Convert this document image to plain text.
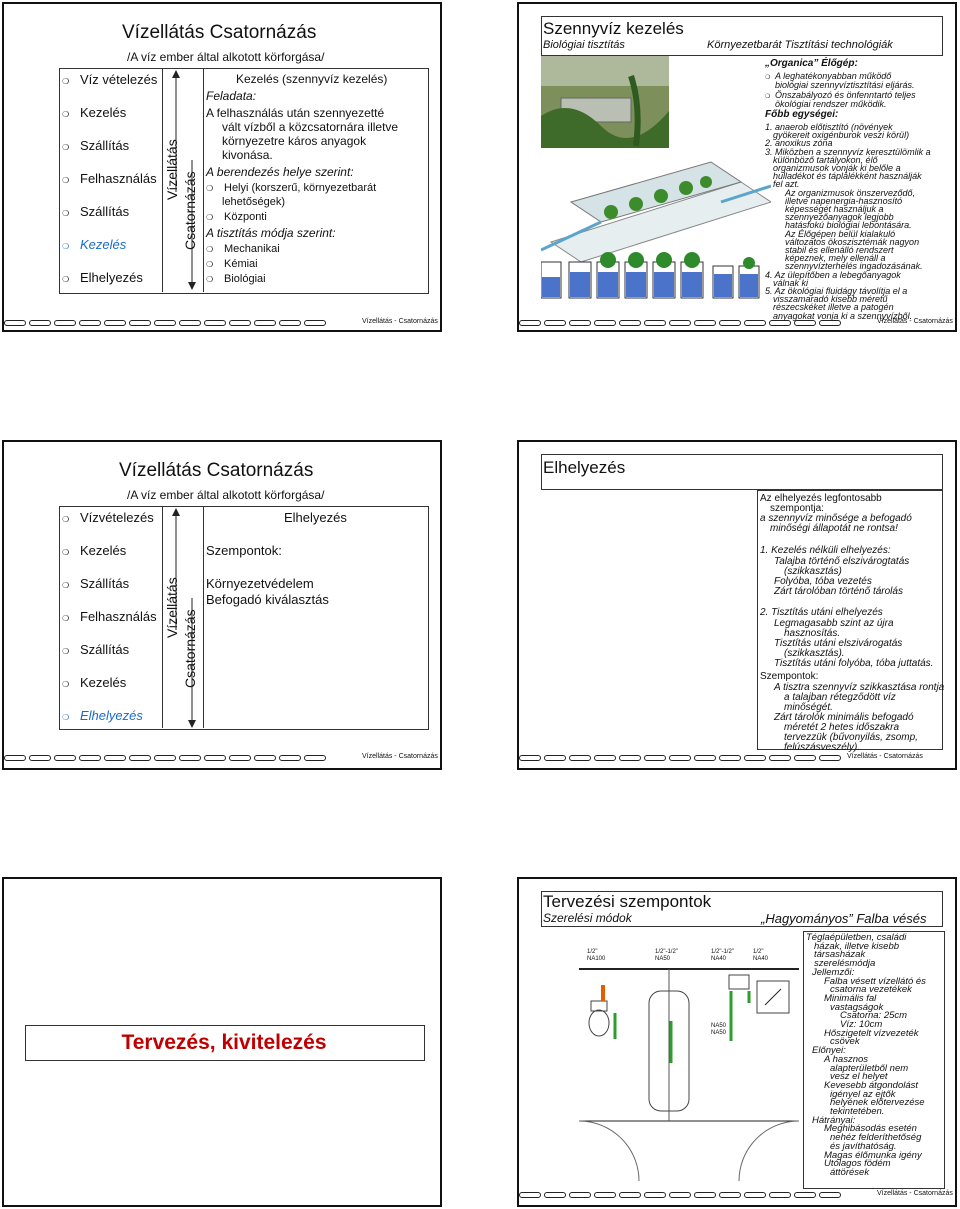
Vízellátás Csatornázás
/A víz ember által alkotott körforgása/
❍ Víz vételezés
❍ Kezelés
❍ Szállítás
❍ Felhasználás
❍ Szállítás
❍ Kezelés
❍ Elhelyezés
Vízellátás
Csatornázás
Kezelés (szennyvíz kezelés)
Feladata:
A felhasználás után szennyezetté
vált vízből a közcsatornára illetve
környezetre káros anyagok
kivonása.
A berendezés helye szerint:
❍ Helyi (korszerű, környezetbarát
lehetőségek)
❍ Központi
A tisztítás módja szerint:
❍ Mechanikai
❍ Kémiai
❍ Biológiai
Vízellátás - Csatornázás
Szennyvíz kezelés
Biológiai tisztítás	Környezetbarát Tisztítási technológiák
„Organica” Élőgép:
❍ A leghatékonyabban működő
biológiai szennyvíztisztítási eljárás.
❍ Önszabályozó és önfenntartó teljes
ökológiai rendszer működik.
Főbb egységei:
1. anaerob előtisztító (növények
gyökereit oxigénburok veszi körül)
2. anoxikus zóna
3. Miközben a szennyvíz keresztülömlik a
különböző tartályokon, élő
organizmusok vonják ki belőle a
hulladékot és táplálékként használják
fel azt.
Az organizmusok önszerveződő,
illetve napenergia-hasznosító
képességét használjuk a
szennyezőanyagok legjobb
hatásfokú biológiai lebontására.
Az Élőgépen belül kialakuló
változatos ökoszisztémák nagyon
stabil és ellenálló rendszert
képeznek, mely ellenáll a
szennyvízterhelés ingadozásának.
4. Az ülepítőben a lebegőanyagok
válnak ki
5. Az ökológiai fluidágy távolítja el a
visszamaradó kisebb méretű
részecskéket illetve a patogén
anyagokat vonja ki a szennyvízből.
Vízellátás - Csatornázás
Vízellátás Csatornázás
/A víz ember által alkotott körforgása/
❍ Vízvételezés
❍ Kezelés
❍ Szállítás
❍ Felhasználás
❍ Szállítás
❍ Kezelés
❍ Elhelyezés
Vízellátás
Csatornázás
Elhelyezés
Szempontok:
Környezetvédelem
Befogadó kiválasztás
Vízellátás - Csatornázás
Elhelyezés
Az elhelyezés legfontosabb
szempontja:
a szennyvíz minősége a befogadó
minőségi állapotát ne rontsa!
1. Kezelés nélküli elhelyezés:
Talajba történő elszivárogtatás
(szikkasztás)
Folyóba, tóba vezetés
Zárt tárolóban történő tárolás
2. Tisztítás utáni elhelyezés
Legmagasabb szint az újra
hasznosítás.
Tisztítás utáni elszivárogatás
(szikkasztás).
Tisztítás utáni folyóba, tóba juttatás.
Szempontok:
A tisztra szennyvíz szikkasztása rontja
a talajban rétegződött víz
minőségét.
Zárt tárolók minimális befogadó
méretét 2 hetes időszakra
tervezzük (bűvonyilás, zsomp,
felúszásveszély).
Vízellátás - Csatornázás
Tervezés, kivitelezés
Tervezési szempontok
Szerelési módok	„Hagyományos” Falba vésés
1/2"
NA100
1/2"-1/2"
NA50
1/2"-1/2"
NA40
1/2"
NA40
NA50
NA50
Téglaépületben, családi
házak, illetve kisebb
társasházak
szerelésmódja
Jellemzői:
Falba vésett vízellátó és
csatorna vezetékek
Minimális fal
vastagságok
Csatorna: 25cm
Víz: 10cm
Hőszigetelt vízvezeték
csövek
Előnyei:
A hasznos
alapterületből nem
vesz el helyet
Kevesebb átgondolást
igényel az ejtők
helyének előtervezése
tekintetében.
Hátrányai:
Meghibásodás esetén
nehéz felderíthetőség
és javíthatóság.
Magas élőmunka igény
Utólagos födém
áttörések
Vízellátás - Csatornázás
